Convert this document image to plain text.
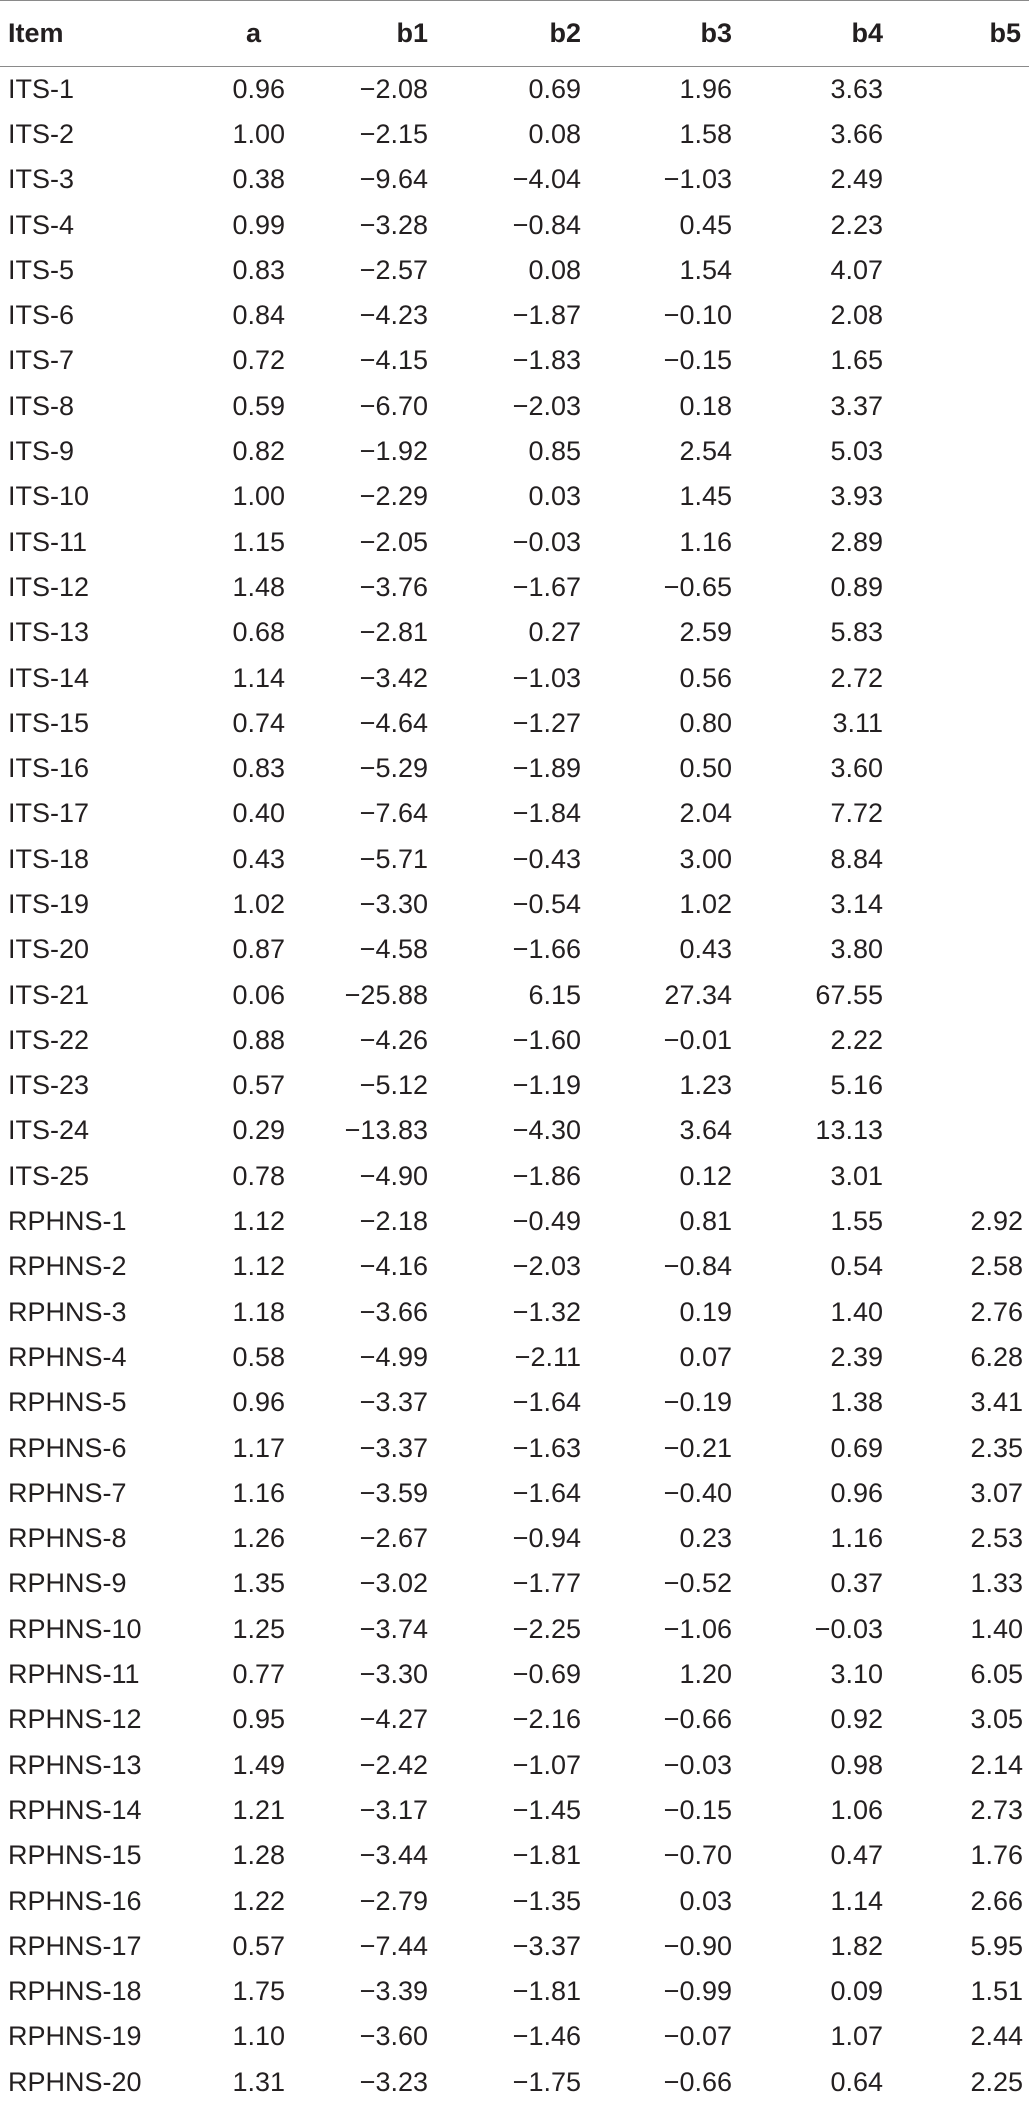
Item	a	b1	b2	b3	b4	b5
ITS-1	0.96	−2.08	0.69	1.96	3.63	
ITS-2	1.00	−2.15	0.08	1.58	3.66	
ITS-3	0.38	−9.64	−4.04	−1.03	2.49	
ITS-4	0.99	−3.28	−0.84	0.45	2.23	
ITS-5	0.83	−2.57	0.08	1.54	4.07	
ITS-6	0.84	−4.23	−1.87	−0.10	2.08	
ITS-7	0.72	−4.15	−1.83	−0.15	1.65	
ITS-8	0.59	−6.70	−2.03	0.18	3.37	
ITS-9	0.82	−1.92	0.85	2.54	5.03	
ITS-10	1.00	−2.29	0.03	1.45	3.93	
ITS-11	1.15	−2.05	−0.03	1.16	2.89	
ITS-12	1.48	−3.76	−1.67	−0.65	0.89	
ITS-13	0.68	−2.81	0.27	2.59	5.83	
ITS-14	1.14	−3.42	−1.03	0.56	2.72	
ITS-15	0.74	−4.64	−1.27	0.80	3.11	
ITS-16	0.83	−5.29	−1.89	0.50	3.60	
ITS-17	0.40	−7.64	−1.84	2.04	7.72	
ITS-18	0.43	−5.71	−0.43	3.00	8.84	
ITS-19	1.02	−3.30	−0.54	1.02	3.14	
ITS-20	0.87	−4.58	−1.66	0.43	3.80	
ITS-21	0.06	−25.88	6.15	27.34	67.55	
ITS-22	0.88	−4.26	−1.60	−0.01	2.22	
ITS-23	0.57	−5.12	−1.19	1.23	5.16	
ITS-24	0.29	−13.83	−4.30	3.64	13.13	
ITS-25	0.78	−4.90	−1.86	0.12	3.01	
RPHNS-1	1.12	−2.18	−0.49	0.81	1.55	2.92
RPHNS-2	1.12	−4.16	−2.03	−0.84	0.54	2.58
RPHNS-3	1.18	−3.66	−1.32	0.19	1.40	2.76
RPHNS-4	0.58	−4.99	−2.11	0.07	2.39	6.28
RPHNS-5	0.96	−3.37	−1.64	−0.19	1.38	3.41
RPHNS-6	1.17	−3.37	−1.63	−0.21	0.69	2.35
RPHNS-7	1.16	−3.59	−1.64	−0.40	0.96	3.07
RPHNS-8	1.26	−2.67	−0.94	0.23	1.16	2.53
RPHNS-9	1.35	−3.02	−1.77	−0.52	0.37	1.33
RPHNS-10	1.25	−3.74	−2.25	−1.06	−0.03	1.40
RPHNS-11	0.77	−3.30	−0.69	1.20	3.10	6.05
RPHNS-12	0.95	−4.27	−2.16	−0.66	0.92	3.05
RPHNS-13	1.49	−2.42	−1.07	−0.03	0.98	2.14
RPHNS-14	1.21	−3.17	−1.45	−0.15	1.06	2.73
RPHNS-15	1.28	−3.44	−1.81	−0.70	0.47	1.76
RPHNS-16	1.22	−2.79	−1.35	0.03	1.14	2.66
RPHNS-17	0.57	−7.44	−3.37	−0.90	1.82	5.95
RPHNS-18	1.75	−3.39	−1.81	−0.99	0.09	1.51
RPHNS-19	1.10	−3.60	−1.46	−0.07	1.07	2.44
RPHNS-20	1.31	−3.23	−1.75	−0.66	0.64	2.25
